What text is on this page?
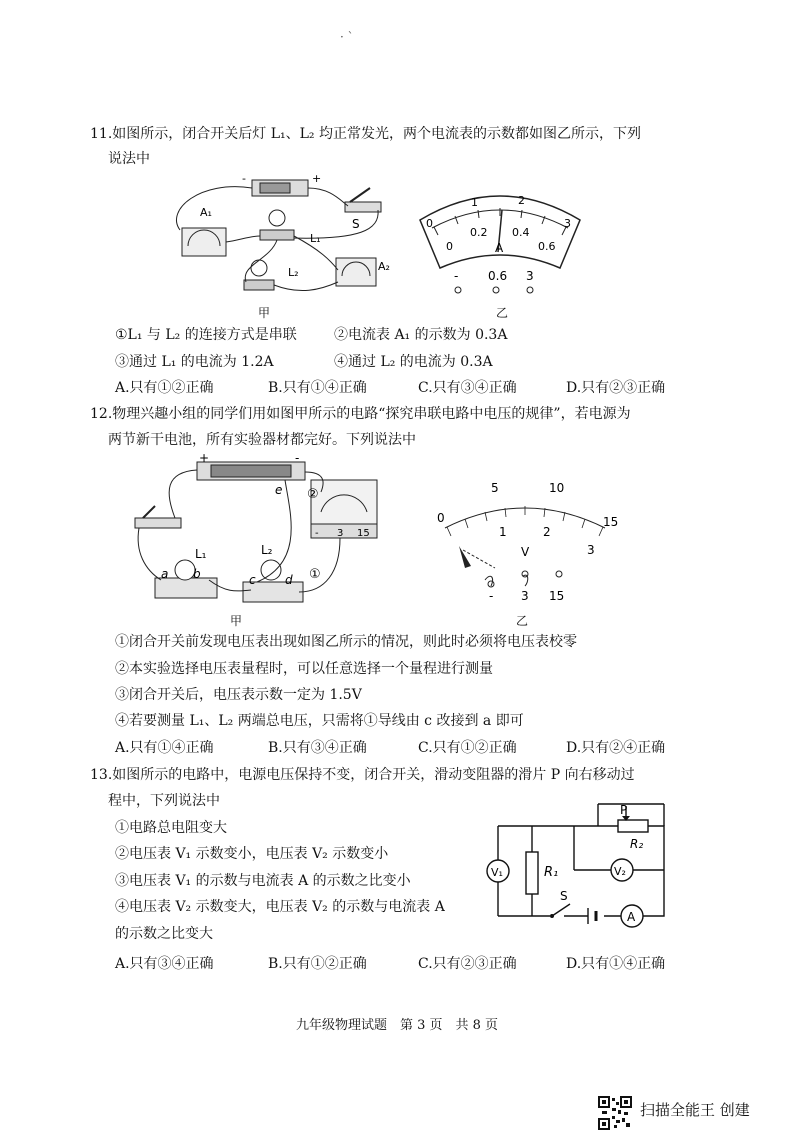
· ˋ
11.如图所示，闭合开关后灯 L₁、L₂ 均正常发光，两个电流表的示数都如图乙所示，下列
说法中
-	+
S
A₁
L₁
L₂	A₂
甲
0
1	2
3
0
0.2 0.4
0.6
A
- 0.6 3
乙
①L₁ 与 L₂ 的连接方式是串联	②电流表 A₁ 的示数为 0.3A
③通过 L₁ 的电流为 1.2A	④通过 L₂ 的电流为 0.3A
A.只有①②正确	B.只有①④正确	C.只有③④正确	D.只有②③正确
12.物理兴趣小组的同学们用如图甲所示的电路“探究串联电路中电压的规律”，若电源为
两节新干电池，所有实验器材都完好。下列说法中
+	-
e
- 3 15
②
①
L₁
a b
L₂
c d
甲
0
5	10
15
1	2
3
V
- 3 15
乙
①闭合开关前发现电压表出现如图乙所示的情况，则此时必须将电压表校零
②本实验选择电压表量程时，可以任意选择一个量程进行测量
③闭合开关后，电压表示数一定为 1.5V
④若要测量 L₁、L₂ 两端总电压，只需将①导线由 c 改接到 a 即可
A.只有①④正确	B.只有③④正确	C.只有①②正确	D.只有②④正确
13.如图所示的电路中，电源电压保持不变，闭合开关，滑动变阻器的滑片 P 向右移动过
程中，下列说法中
①电路总电阻变大
②电压表 V₁ 示数变小，电压表 V₂ 示数变小
③电压表 V₁ 的示数与电流表 A 的示数之比变小
④电压表 V₂ 示数变大，电压表 V₂ 的示数与电流表 A
的示数之比变大
P
R₂
R₁
V₁	V₂
S
A
A.只有③④正确	B.只有①②正确	C.只有②③正确	D.只有①④正确
九年级物理试题　第 3 页　共 8 页
扫描全能王 创建
